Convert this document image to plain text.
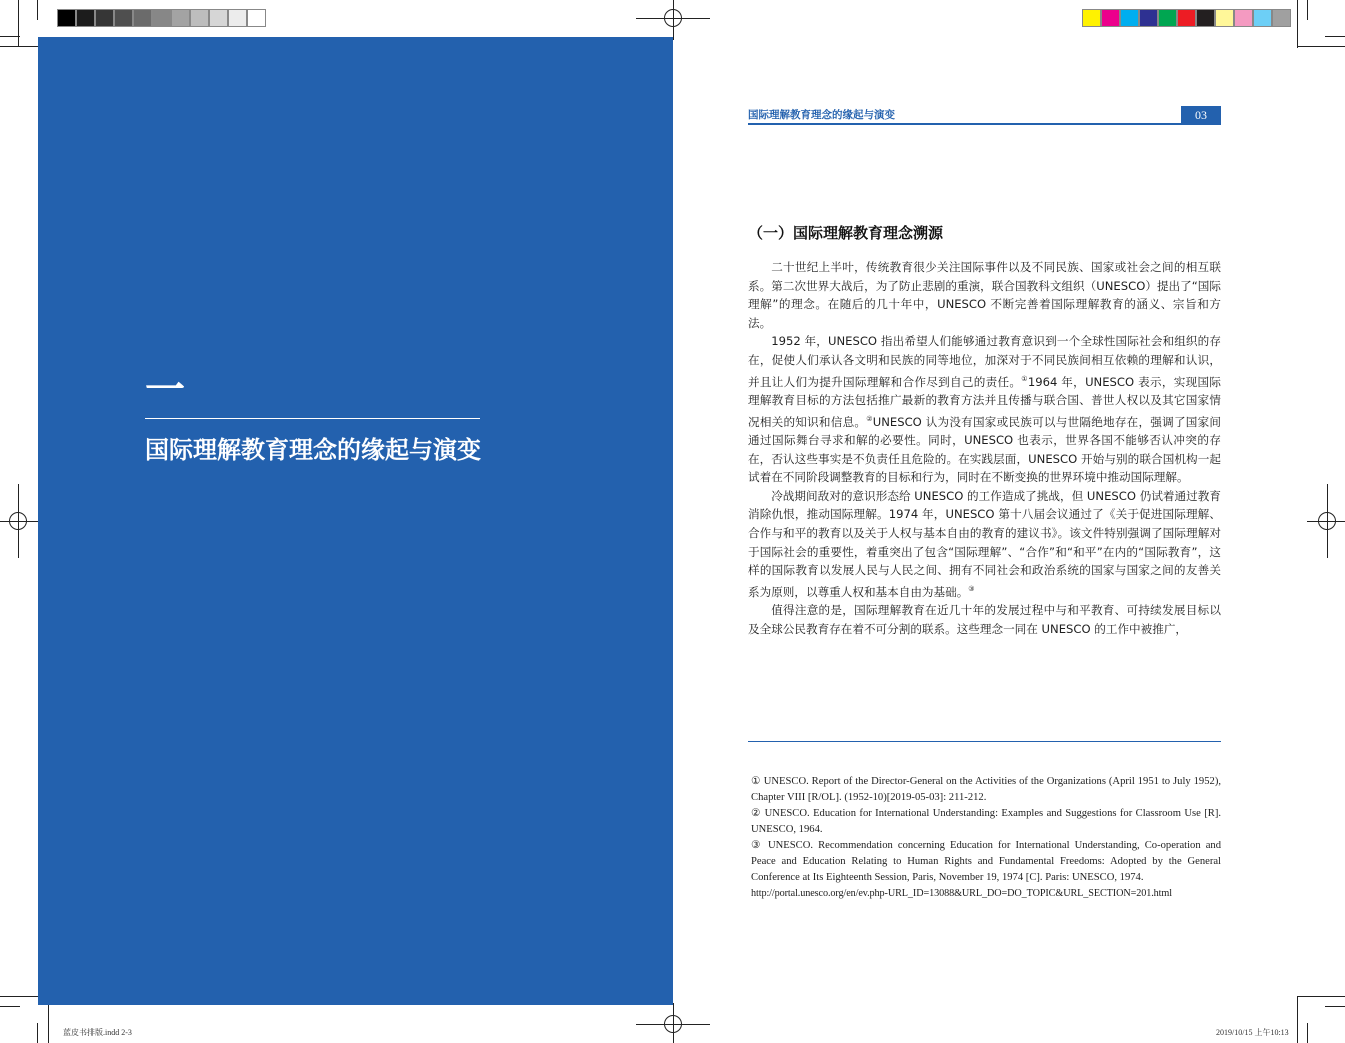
一
国际理解教育理念的缘起与演变
国际理解教育理念的缘起与演变	03
（一）国际理解教育理念溯源

二十世纪上半叶，传统教育很少关注国际事件以及不同民族、国家或社会之间的相互联系。第二次世界大战后，为了防止悲剧的重演，联合国教科文组织（UNESCO）提出了“国际理解”的理念。在随后的几十年中，UNESCO 不断完善着国际理解教育的涵义、宗旨和方法。

1952 年，UNESCO 指出希望人们能够通过教育意识到一个全球性国际社会和组织的存在，促使人们承认各文明和民族的同等地位，加深对于不同民族间相互依赖的理解和认识，并且让人们为提升国际理解和合作尽到自己的责任。①1964 年，UNESCO 表示，实现国际理解教育目标的方法包括推广最新的教育方法并且传播与联合国、普世人权以及其它国家情况相关的知识和信息。②UNESCO 认为没有国家或民族可以与世隔绝地存在，强调了国家间通过国际舞台寻求和解的必要性。同时，UNESCO 也表示，世界各国不能够否认冲突的存在，否认这些事实是不负责任且危险的。在实践层面，UNESCO 开始与别的联合国机构一起试着在不同阶段调整教育的目标和行为，同时在不断变换的世界环境中推动国际理解。

冷战期间敌对的意识形态给 UNESCO 的工作造成了挑战，但 UNESCO 仍试着通过教育消除仇恨，推动国际理解。1974 年，UNESCO 第十八届会议通过了《关于促进国际理解、合作与和平的教育以及关于人权与基本自由的教育的建议书》。该文件特别强调了国际理解对于国际社会的重要性，着重突出了包含“国际理解”、“合作”和“和平”在内的“国际教育”，这样的国际教育以发展人民与人民之间、拥有不同社会和政治系统的国家与国家之间的友善关系为原则，以尊重人权和基本自由为基础。③

值得注意的是，国际理解教育在近几十年的发展过程中与和平教育、可持续发展目标以及全球公民教育存在着不可分割的联系。这些理念一同在 UNESCO 的工作中被推广，

① UNESCO. Report of the Director-General on the Activities of the Organizations (April 1951 to July 1952), Chapter VIII [R/OL]. (1952-10)[2019-05-03]: 211-212.

② UNESCO. Education for International Understanding: Examples and Suggestions for Classroom Use [R]. UNESCO, 1964.

③ UNESCO. Recommendation concerning Education for International Understanding, Co-operation and Peace and Education Relating to Human Rights and Fundamental Freedoms: Adopted by the General Conference at Its Eighteenth Session, Paris, November 19, 1974 [C]. Paris: UNESCO, 1974.

http://portal.unesco.org/en/ev.php-URL_ID=13088&URL_DO=DO_TOPIC&URL_SECTION=201.html

蓝皮书排版.indd 2-3	2019/10/15 上午10:13
